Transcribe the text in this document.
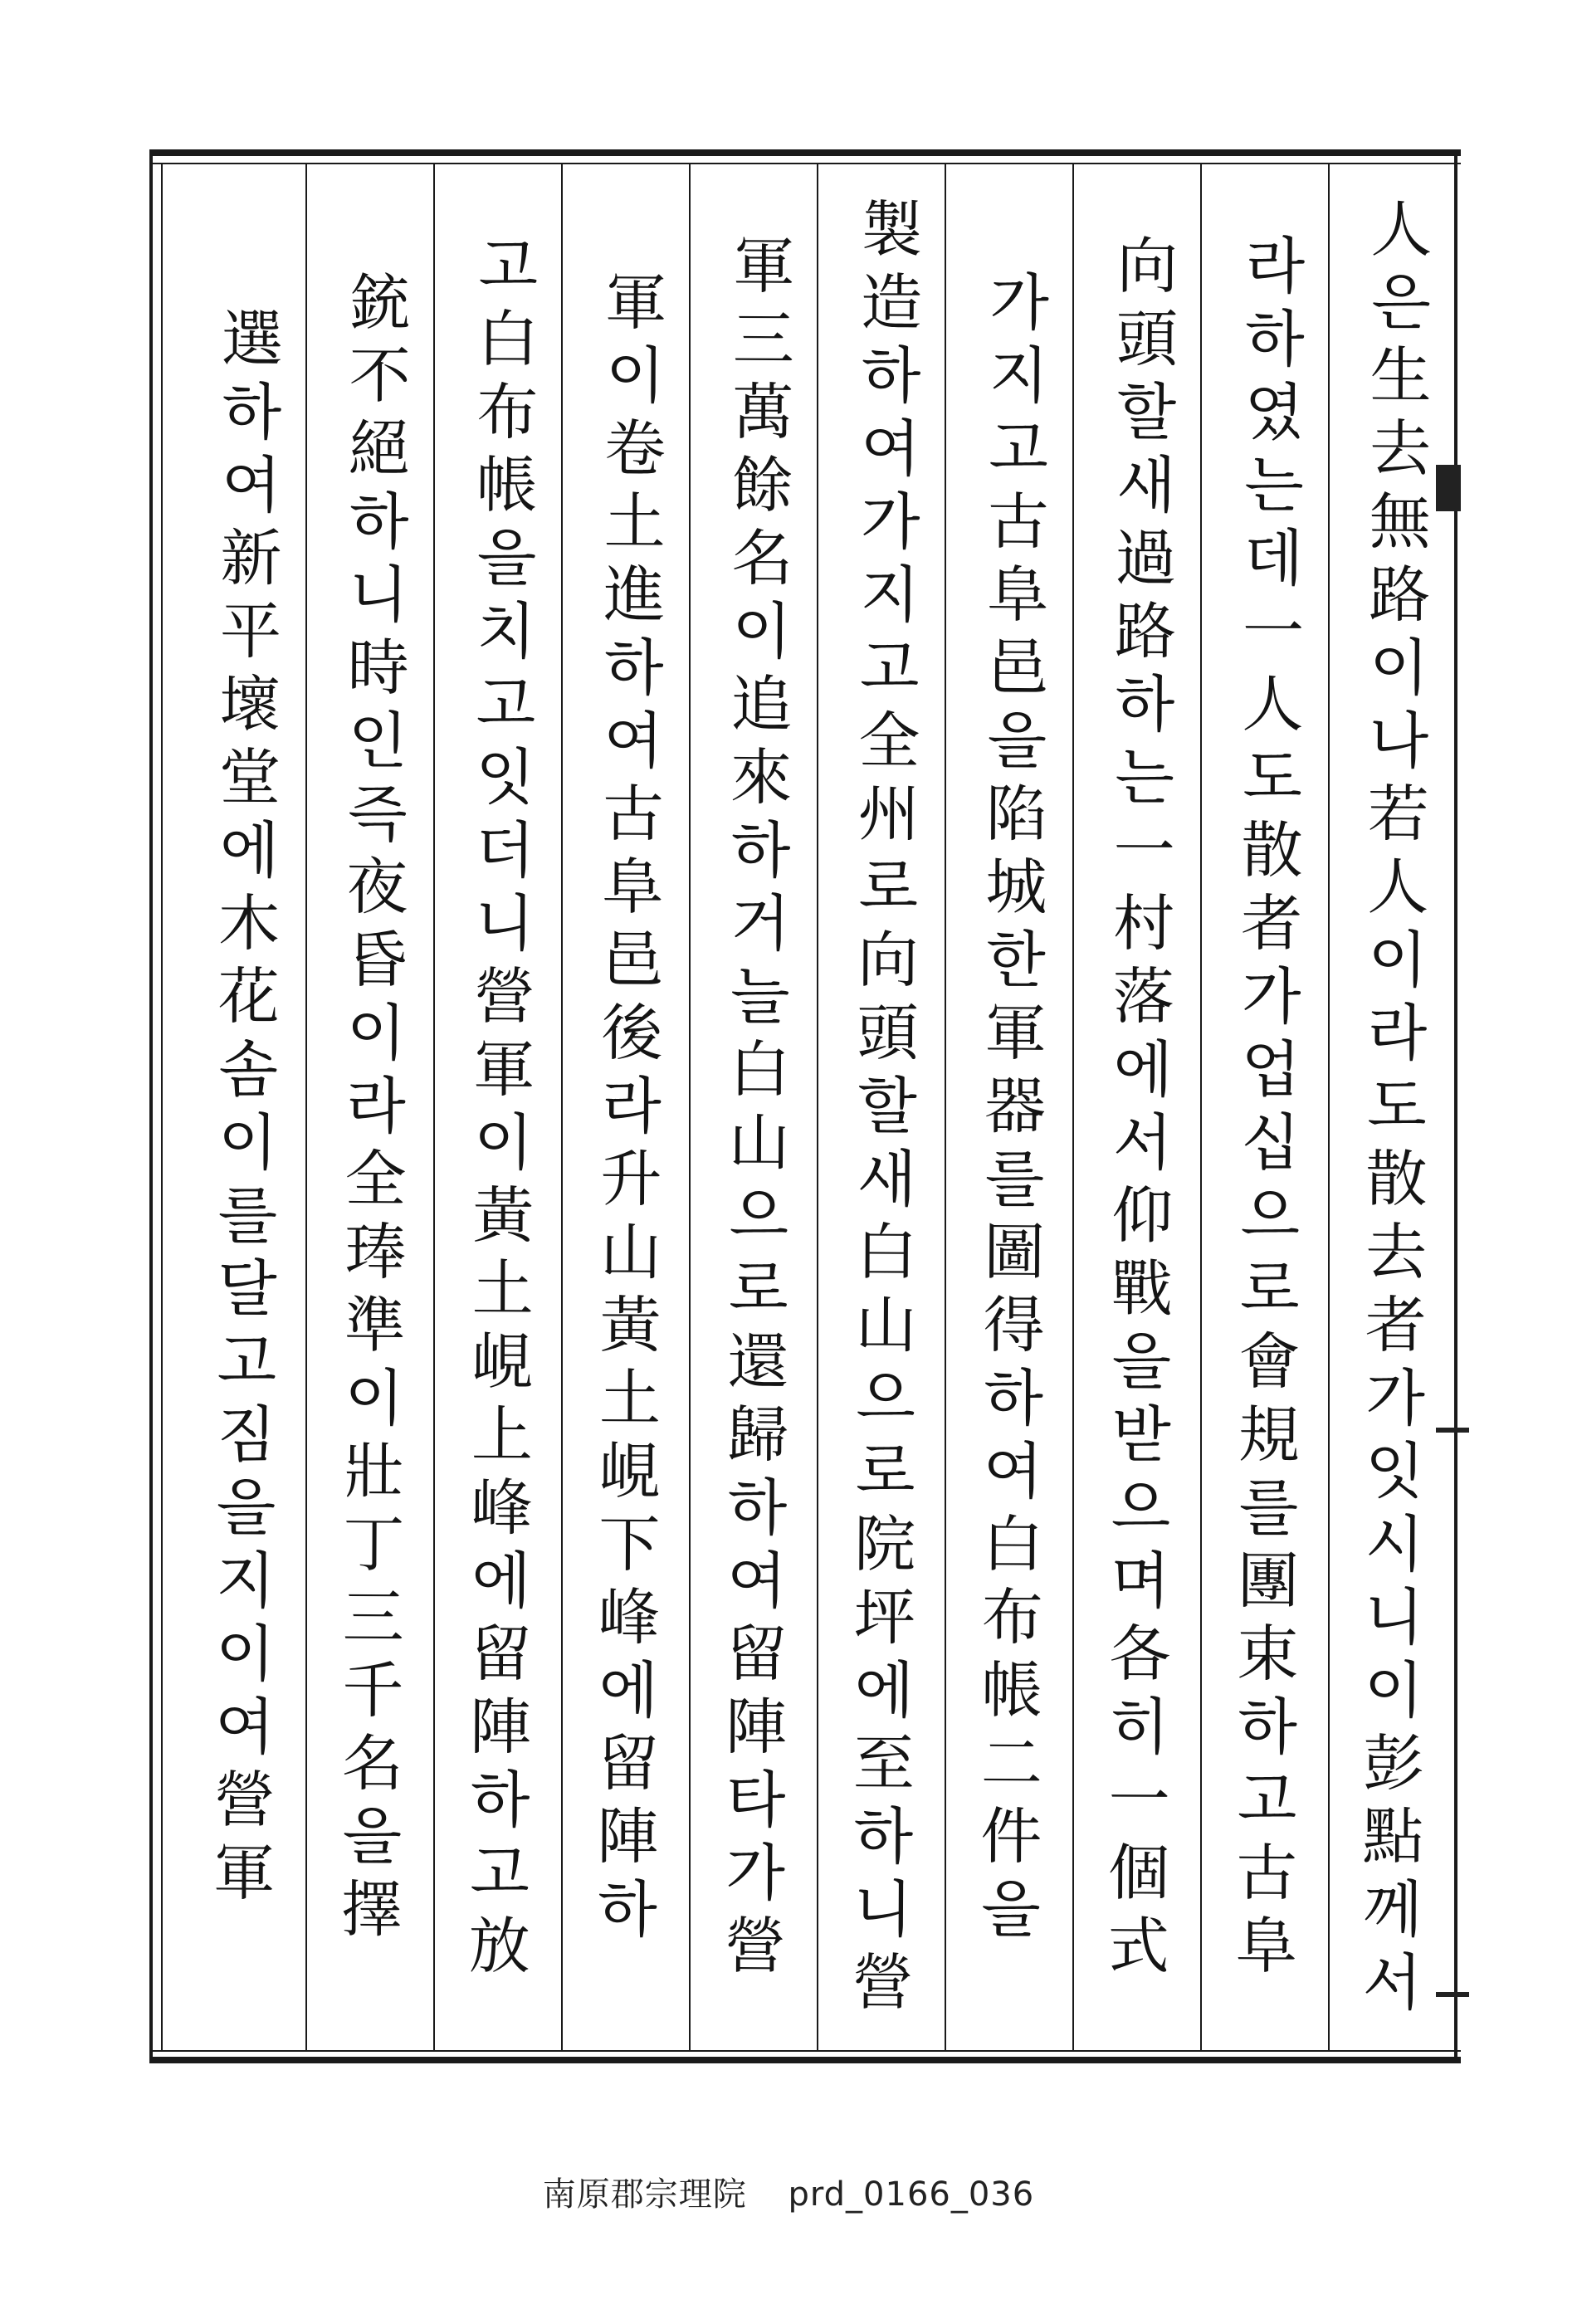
人은生去無路이나若人이라도散去者가잇시니이彭點께서
라하였는데一人도散者가업십으로會規를團束하고古阜
向頭할새過路하는一村落에서仰戰을받으며各히一個式
가지고古阜邑을陷城한軍器를圖得하여白布帳二件을
製造하여가지고全州로向頭할새白山으로院坪에至하니營
軍三萬餘名이追來하거늘白山으로還歸하여留陣타가營
軍이卷土進하여古阜邑後라升山黃土峴下峰에留陣하
고白布帳을치고잇더니營軍이黃土峴上峰에留陣하고放
銃不絕하니時인즉夜昏이라全琫準이壯丁三千名을擇
選하여新平壞堂에木花솜이를달고짐을지이여營軍
南原郡宗理院 prd_0166_036
